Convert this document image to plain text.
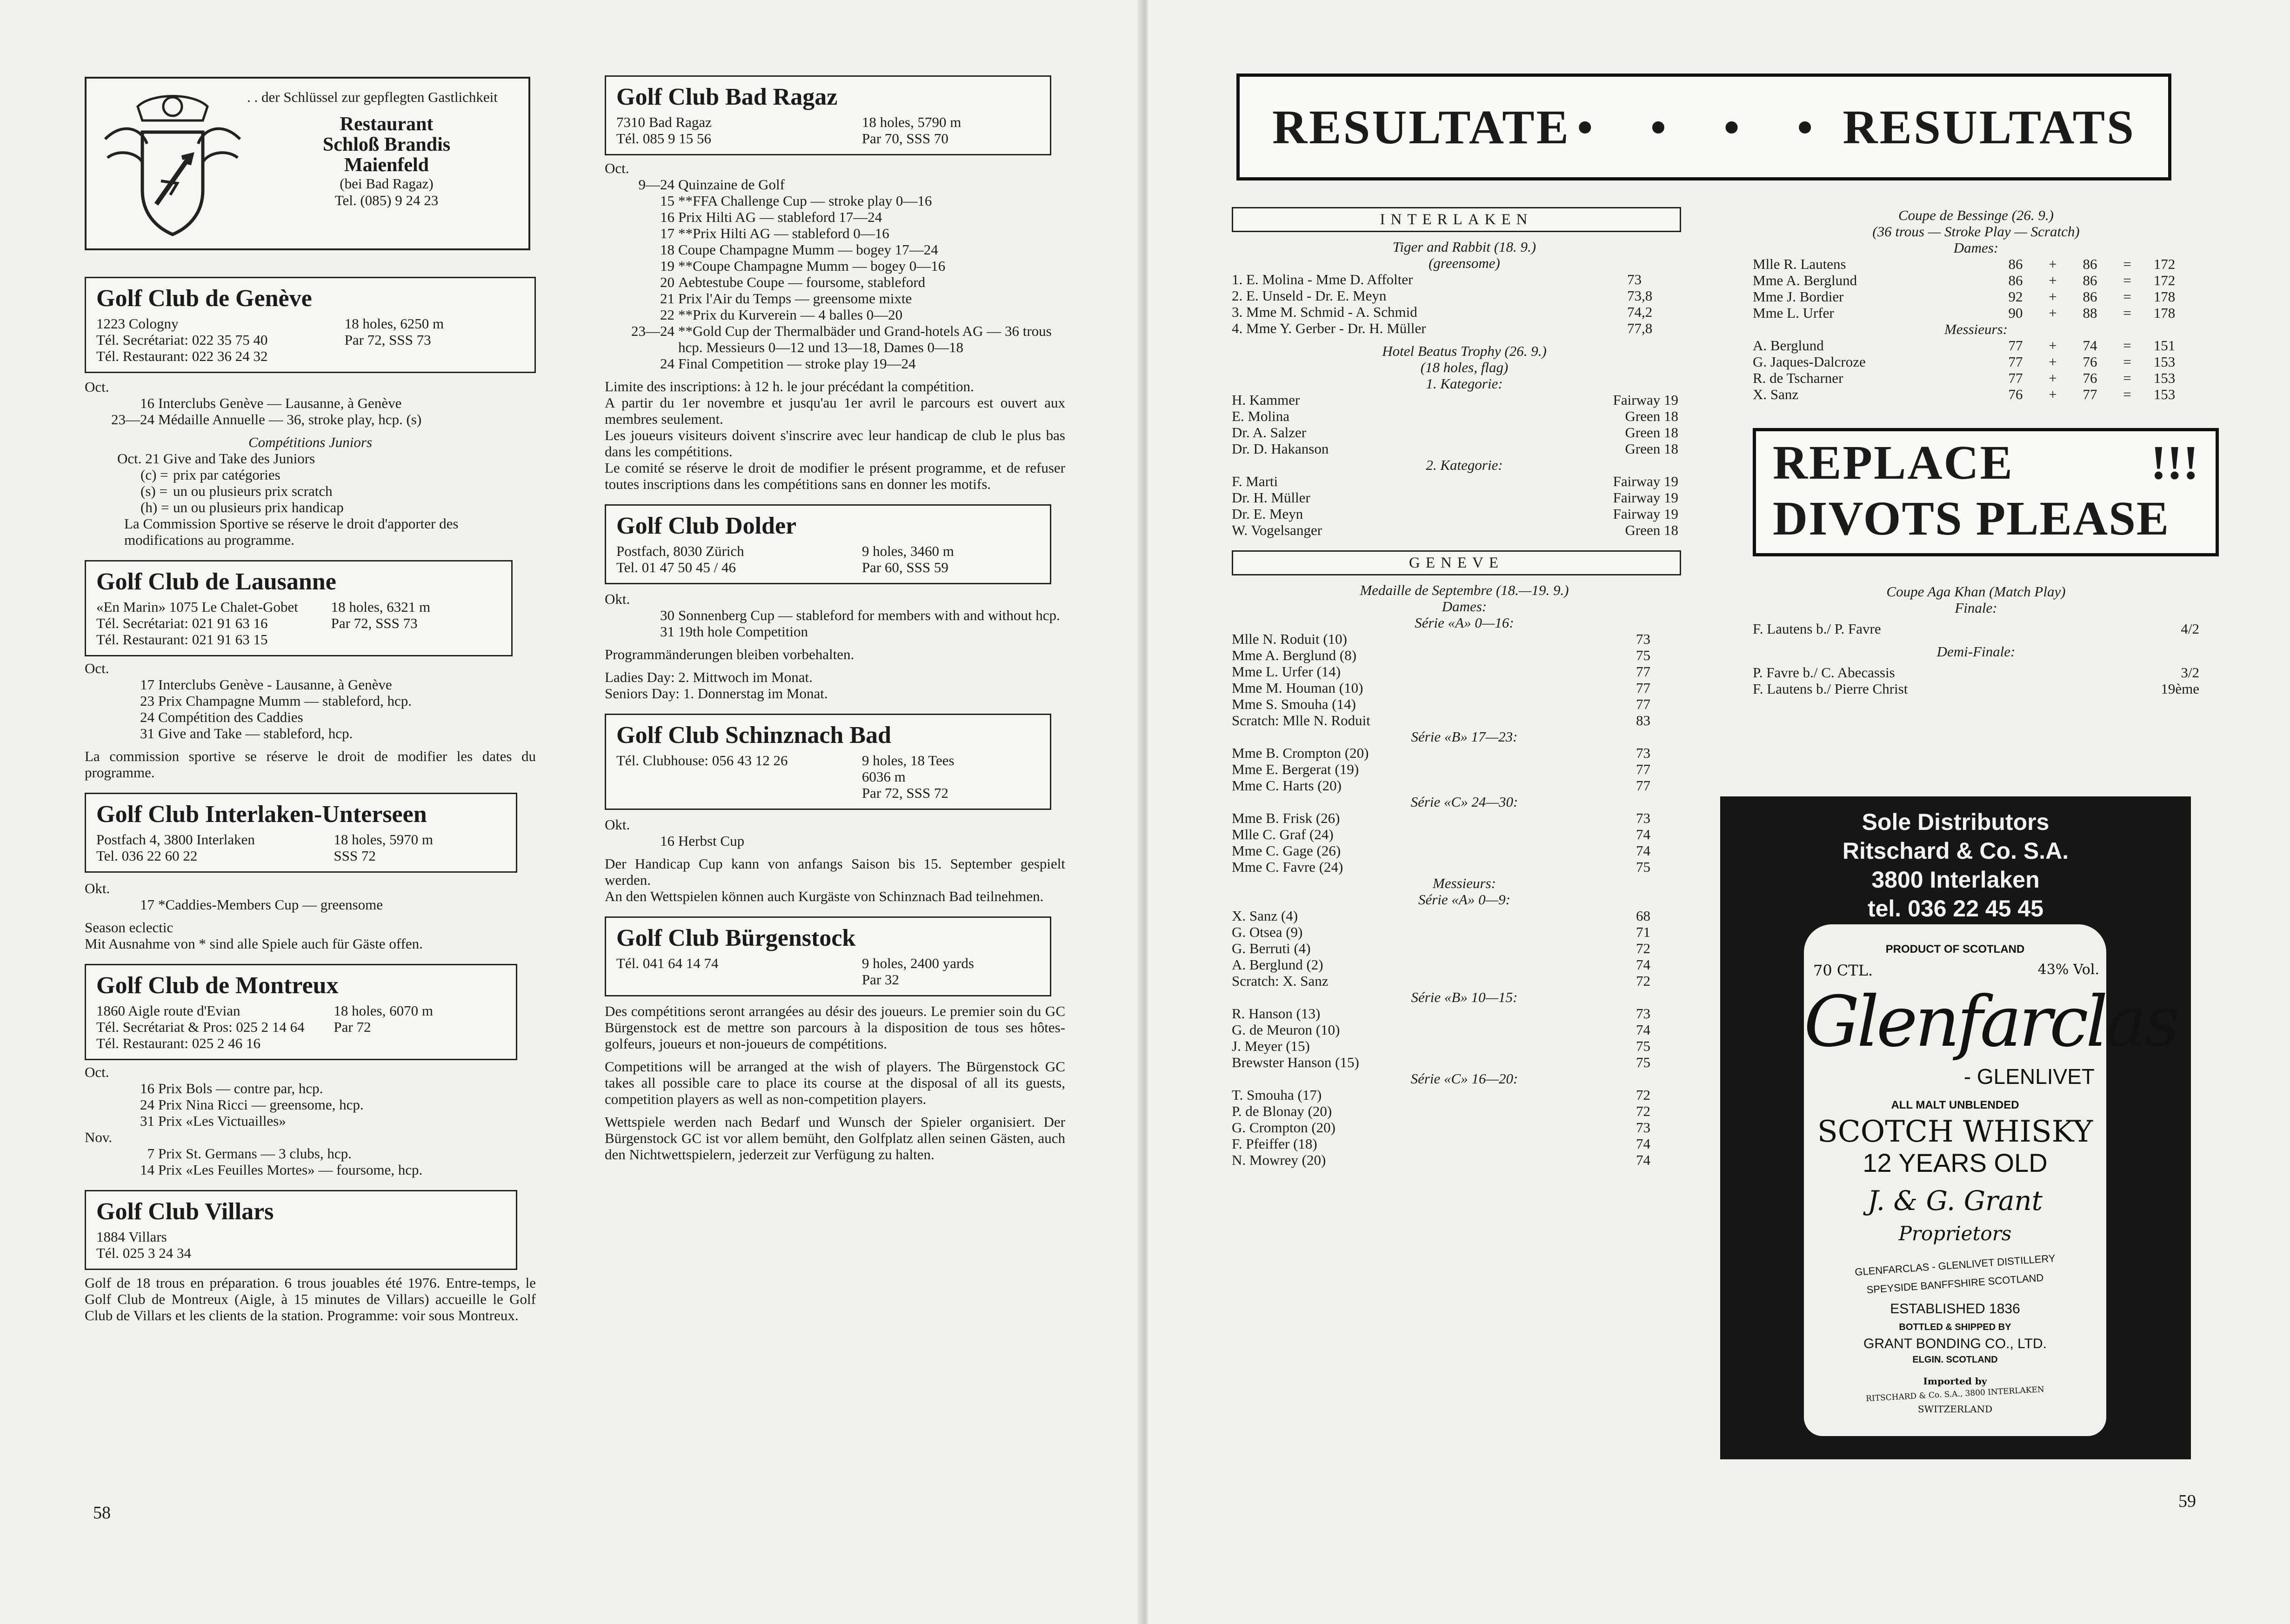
. . der Schlüssel zur gepflegten Gastlichkeit
Restaurant
Schloß Brandis
Maienfeld
(bei Bad Ragaz)
Tel. (085) 9 24 23
Golf Club de Genève
1223 Cologny
Tél. Secrétariat: 022 35 75 40
Tél. Restaurant: 022 36 24 32
18 holes, 6250 m
Par 72, SSS 73
Oct.
16 Interclubs Genève — Lausanne, à Genève
23—24 Médaille Annuelle — 36, stroke play, hcp. (s)
Compétitions Juniors
Oct. 21 Give and Take des Juniors
(c) = prix par catégories
(s) = un ou plusieurs prix scratch
(h) = un ou plusieurs prix handicap
La Commission Sportive se réserve le droit d'apporter des modifications au programme.
Golf Club de Lausanne
«En Marin» 1075 Le Chalet-Gobet
Tél. Secrétariat: 021 91 63 16
Tél. Restaurant: 021 91 63 15
18 holes, 6321 m
Par 72, SSS 73
Oct.
17 Interclubs Genève - Lausanne, à Genève
23 Prix Champagne Mumm — stableford, hcp.
24 Compétition des Caddies
31 Give and Take — stableford, hcp.
La commission sportive se réserve le droit de modifier les dates du programme.
Golf Club Interlaken-Unterseen
Postfach 4, 3800 Interlaken
Tel. 036 22 60 22
18 holes, 5970 m
SSS 72
Okt.
17 *Caddies-Members Cup — greensome
Season eclectic
Mit Ausnahme von * sind alle Spiele auch für Gäste offen.
Golf Club de Montreux
1860 Aigle route d'Evian
Tél. Secrétariat & Pros: 025 2 14 64
Tél. Restaurant: 025 2 46 16
18 holes, 6070 m
Par 72
Oct.
16 Prix Bols — contre par, hcp.
24 Prix Nina Ricci — greensome, hcp.
31 Prix «Les Victuailles»
Nov.
7 Prix St. Germans — 3 clubs, hcp.
14 Prix «Les Feuilles Mortes» — foursome, hcp.
Golf Club Villars
1884 Villars
Tél. 025 3 24 34
Golf de 18 trous en préparation. 6 trous jouables été 1976. Entre-temps, le Golf Club de Montreux (Aigle, à 15 minutes de Villars) accueille le Golf Club de Villars et les clients de la station. Programme: voir sous Montreux.
Golf Club Bad Ragaz
7310 Bad Ragaz
Tél. 085 9 15 56
18 holes, 5790 m
Par 70, SSS 70
Oct.
9—24 Quinzaine de Golf
15 **FFA Challenge Cup — stroke play 0—16
16 Prix Hilti AG — stableford 17—24
17 **Prix Hilti AG — stableford 0—16
18 Coupe Champagne Mumm — bogey 17—24
19 **Coupe Champagne Mumm — bogey 0—16
20 Aebtestube Coupe — foursome, stableford
21 Prix l'Air du Temps — greensome mixte
22 **Prix du Kurverein — 4 balles 0—20
23—24 **Gold Cup der Thermalbäder und Grand-hotels AG — 36 trous hcp. Messieurs 0—12 und 13—18, Dames 0—18
24 Final Competition — stroke play 19—24
Limite des inscriptions: à 12 h. le jour précédant la compétition.
A partir du 1er novembre et jusqu'au 1er avril le parcours est ouvert aux membres seulement.
Les joueurs visiteurs doivent s'inscrire avec leur handicap de club le plus bas dans les compétitions.
Le comité se réserve le droit de modifier le présent programme, et de refuser toutes inscriptions dans les compétitions sans en donner les motifs.
Golf Club Dolder
Postfach, 8030 Zürich
Tel. 01 47 50 45 / 46
9 holes, 3460 m
Par 60, SSS 59
Okt.
30 Sonnenberg Cup — stableford for members with and without hcp.
31 19th hole Competition
Programmänderungen bleiben vorbehalten.
Ladies Day: 2. Mittwoch im Monat.
Seniors Day: 1. Donnerstag im Monat.
Golf Club Schinznach Bad
Tél. Clubhouse: 056 43 12 26	9 holes, 18 Tees
6036 m
Par 72, SSS 72
Okt.
16 Herbst Cup
Der Handicap Cup kann von anfangs Saison bis 15. September gespielt werden.
An den Wettspielen können auch Kurgäste von Schinznach Bad teilnehmen.
Golf Club Bürgenstock
Tél. 041 64 14 74	9 holes, 2400 yards
Par 32
Des compétitions seront arrangées au désir des joueurs. Le premier soin du GC Bürgenstock est de mettre son parcours à la disposition de tous ses hôtes-golfeurs, joueurs et non-joueurs de compétitions.
Competitions will be arranged at the wish of players. The Bürgenstock GC takes all possible care to place its course at the disposal of all its guests, competition players as well as non-competition players.
Wettspiele werden nach Bedarf und Wunsch der Spieler organisiert. Der Bürgenstock GC ist vor allem bemüht, den Golfplatz allen seinen Gästen, auch den Nichtwettspielern, jederzeit zur Verfügung zu halten.
58
RESULTATE • • • • RESULTATS
INTERLAKEN
Tiger and Rabbit (18. 9.)
(greensome)
1. E. Molina - Mme D. Affolter	73
2. E. Unseld - Dr. E. Meyn	73,8
3. Mme M. Schmid - A. Schmid	74,2
4. Mme Y. Gerber - Dr. H. Müller	77,8
Hotel Beatus Trophy (26. 9.)
(18 holes, flag)
1. Kategorie:
H. Kammer	Fairway 19
E. Molina	Green 18
Dr. A. Salzer	Green 18
Dr. D. Hakanson	Green 18
2. Kategorie:
F. Marti	Fairway 19
Dr. H. Müller	Fairway 19
Dr. E. Meyn	Fairway 19
W. Vogelsanger	Green 18
GENEVE
Medaille de Septembre (18.—19. 9.)
Dames:
Série «A» 0—16:
Mlle N. Roduit (10)	73
Mme A. Berglund (8)	75
Mme L. Urfer (14)	77
Mme M. Houman (10)	77
Mme S. Smouha (14)	77
Scratch: Mlle N. Roduit	83
Série «B» 17—23:
Mme B. Crompton (20)	73
Mme E. Bergerat (19)	77
Mme C. Harts (20)	77
Série «C» 24—30:
Mme B. Frisk (26)	73
Mlle C. Graf (24)	74
Mme C. Gage (26)	74
Mme C. Favre (24)	75
Messieurs:
Série «A» 0—9:
X. Sanz (4)	68
G. Otsea (9)	71
G. Berruti (4)	72
A. Berglund (2)	74
Scratch: X. Sanz	72
Série «B» 10—15:
R. Hanson (13)	73
G. de Meuron (10)	74
J. Meyer (15)	75
Brewster Hanson (15)	75
Série «C» 16—20:
T. Smouha (17)	72
P. de Blonay (20)	72
G. Crompton (20)	73
F. Pfeiffer (18)	74
N. Mowrey (20)	74
Coupe de Bessinge (26. 9.)
(36 trous — Stroke Play — Scratch)
Dames:
Mlle R. Lautens	86	+	86	=	172
Mme A. Berglund	86	+	86	=	172
Mme J. Bordier	92	+	86	=	178
Mme L. Urfer	90	+	88	=	178
Messieurs:
A. Berglund	77	+	74	=	151
G. Jaques-Dalcroze	77	+	76	=	153
R. de Tscharner	77	+	76	=	153
X. Sanz	76	+	77	=	153
REPLACE	!!!
DIVOTS PLEASE
Coupe Aga Khan (Match Play)
Finale:
F. Lautens b./ P. Favre	4/2
Demi-Finale:
P. Favre b./ C. Abecassis	3/2
F. Lautens b./ Pierre Christ	19ème
Sole Distributors
Ritschard & Co. S.A.
3800 Interlaken
tel. 036 22 45 45
PRODUCT OF SCOTLAND
70 CTL.	43% Vol.
Glenfarclas
- GLENLIVET
ALL MALT UNBLENDED
SCOTCH WHISKY
12 YEARS OLD
J. & G. Grant
Proprietors
GLENFARCLAS - GLENLIVET DISTILLERY
SPEYSIDE BANFFSHIRE SCOTLAND
ESTABLISHED 1836
BOTTLED & SHIPPED BY
GRANT BONDING CO., LTD.
ELGIN. SCOTLAND
Imported by
RITSCHARD & Co. S.A., 3800 INTERLAKEN
SWITZERLAND
59
